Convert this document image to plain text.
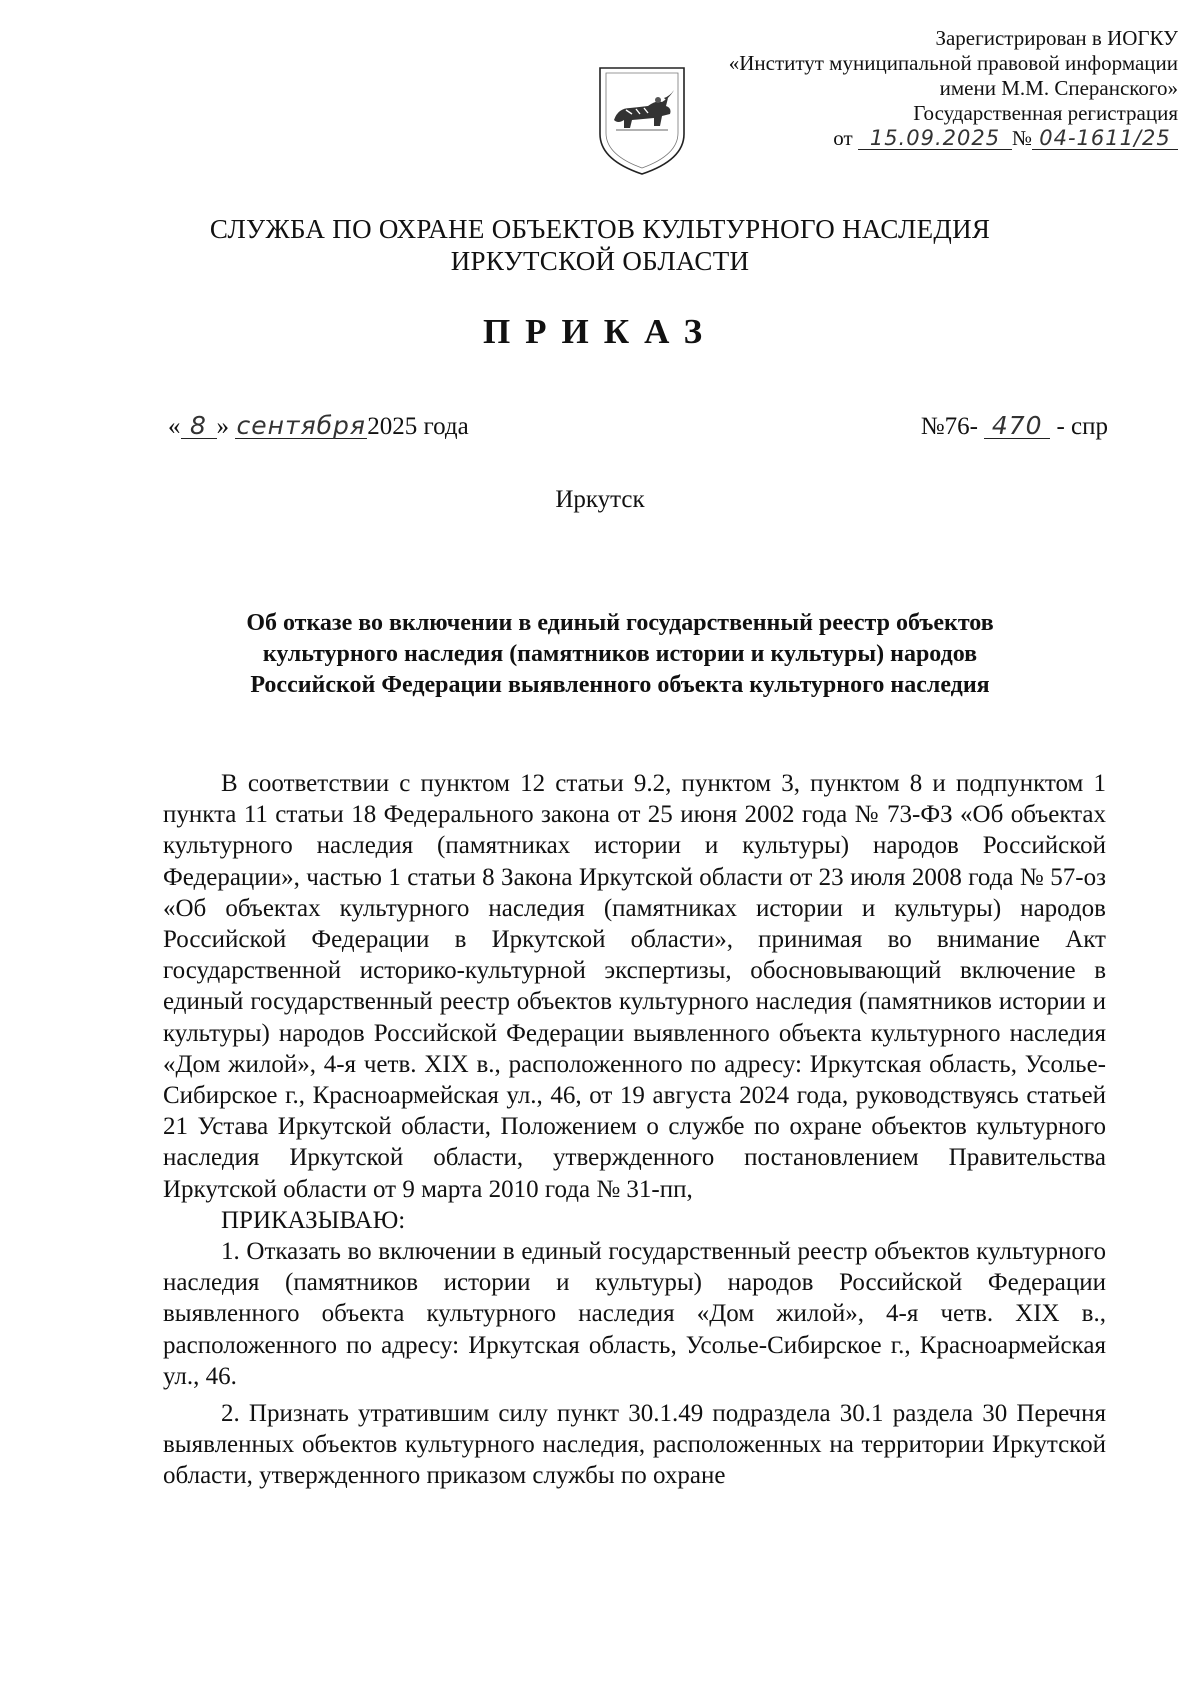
Зарегистрирован в ИОГКУ
«Институт муниципальной правовой информации
имени М.М. Сперанского»
Государственная регистрация
от 15.09.2025 № 04-1611/25
СЛУЖБА ПО ОХРАНЕ ОБЪЕКТОВ КУЛЬТУРНОГО НАСЛЕДИЯ
ИРКУТСКОЙ ОБЛАСТИ
ПРИКАЗ
« 8 » сентября2025 года	№76- 470 - спр
Иркутск
Об отказе во включении в единый государственный реестр объектов
культурного наследия (памятников истории и культуры) народов
Российской Федерации выявленного объекта культурного наследия

В соответствии с пунктом 12 статьи 9.2, пунктом 3, пунктом 8 и подпунктом 1 пункта 11 статьи 18 Федерального закона от 25 июня 2002 года № 73-ФЗ «Об объектах культурного наследия (памятниках истории и культуры) народов Российской Федерации», частью 1 статьи 8 Закона Иркутской области от 23 июля 2008 года № 57-оз «Об объектах культурного наследия (памятниках истории и культуры) народов Российской Федерации в Иркутской области», принимая во внимание Акт государственной историко-культурной экспертизы, обосновывающий включение в единый государственный реестр объектов культурного наследия (памятников истории и культуры) народов Российской Федерации выявленного объекта культурного наследия «Дом жилой», 4-я четв. XIX в., расположенного по адресу: Иркутская область, Усолье-Сибирское г., Красноармейская ул., 46, от 19 августа 2024 года, руководствуясь статьей 21 Устава Иркутской области, Положением о службе по охране объектов культурного наследия Иркутской области, утвержденного постановлением Правительства Иркутской области от 9 марта 2010 года № 31-пп,

ПРИКАЗЫВАЮ:

1. Отказать во включении в единый государственный реестр объектов культурного наследия (памятников истории и культуры) народов Российской Федерации выявленного объекта культурного наследия «Дом жилой», 4-я четв. XIX в., расположенного по адресу: Иркутская область, Усолье-Сибирское г., Красноармейская ул., 46.

2. Признать утратившим силу пункт 30.1.49 подраздела 30.1 раздела 30 Перечня выявленных объектов культурного наследия, расположенных на территории Иркутской области, утвержденного приказом службы по охране
